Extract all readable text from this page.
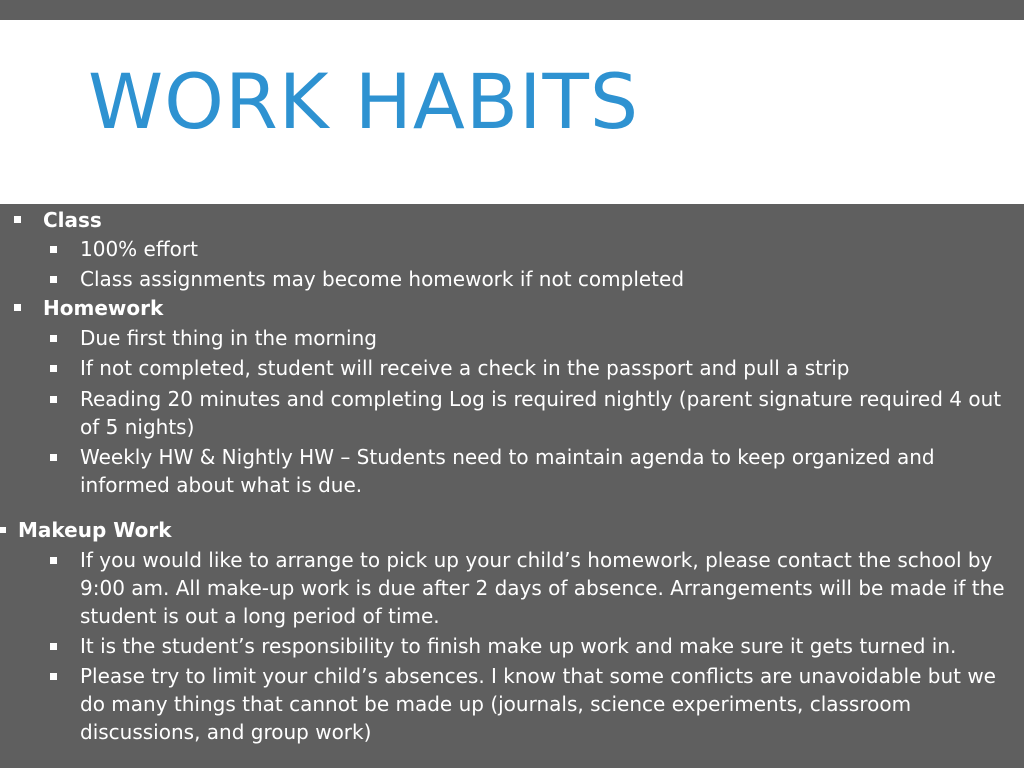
WORK HABITS
Class
100% effort
Class assignments may become homework if not completed
Homework
Due first thing in the morning
If not completed, student will receive a check in the passport and pull a strip
Reading 20 minutes and completing Log is required nightly (parent signature required 4 out of 5 nights)
Weekly HW & Nightly HW – Students need to maintain agenda to keep organized and informed about what is due.
Makeup Work
If you would like to arrange to pick up your child’s homework, please contact the school by 9:00 am. All make-up work is due after 2 days of absence. Arrangements will be made if the student is out a long period of time.
It is the student’s responsibility to finish make up work and make sure it gets turned in.
Please try to limit your child’s absences. I know that some conflicts are unavoidable but we do many things that cannot be made up (journals, science experiments, classroom discussions, and group work)
